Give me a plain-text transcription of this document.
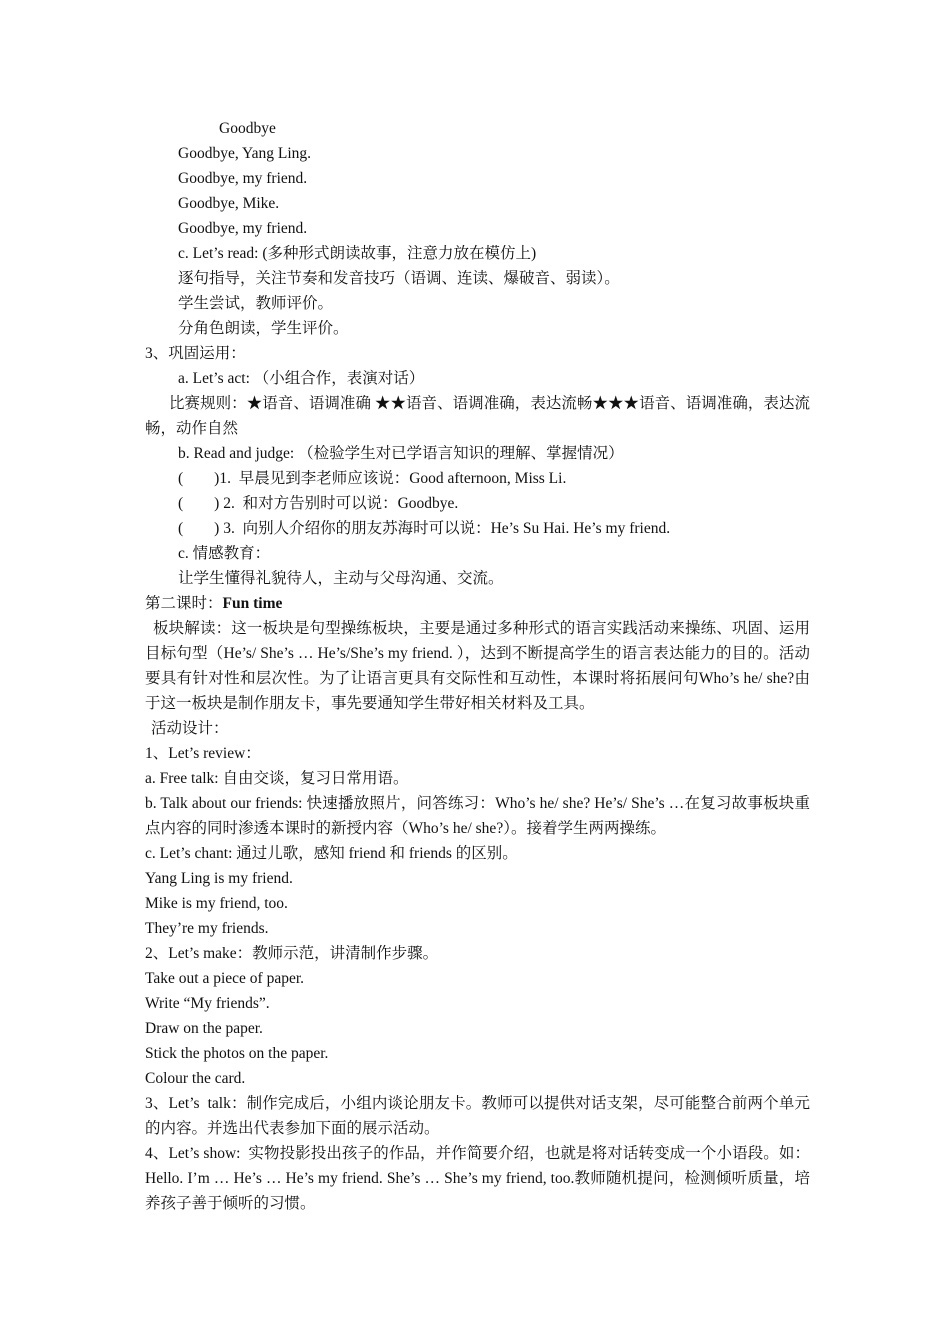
Goodbye
Goodbye, Yang Ling.
Goodbye, my friend.
Goodbye, Mike.
Goodbye, my friend.
c. Let’s read: (多种形式朗读故事，注意力放在模仿上)
逐句指导，关注节奏和发音技巧（语调、连读、爆破音、弱读）。
学生尝试，教师评价。
分角色朗读，学生评价。
3、巩固运用：
a. Let’s act: （小组合作，表演对话）
比赛规则：★语音、语调准确 ★★语音、语调准确，表达流畅★★★语音、语调准确，表达流畅，动作自然
b. Read and judge: （检验学生对已学语言知识的理解、掌握情况）
(        )1.  早晨见到李老师应该说：Good afternoon, Miss Li.
(        ) 2.  和对方告别时可以说：Goodbye.
(        ) 3.  向别人介绍你的朋友苏海时可以说：He’s Su Hai. He’s my friend.
c. 情感教育：
让学生懂得礼貌待人，主动与父母沟通、交流。
第二课时：Fun time
板块解读：这一板块是句型操练板块，主要是通过多种形式的语言实践活动来操练、巩固、运用目标句型（He’s/ She’s … He’s/She’s my friend. ），达到不断提高学生的语言表达能力的目的。活动要具有针对性和层次性。为了让语言更具有交际性和互动性，本课时将拓展问句Who’s he/ she?由于这一板块是制作朋友卡，事先要通知学生带好相关材料及工具。
活动设计：
1、Let’s review：
a. Free talk: 自由交谈，复习日常用语。
b. Talk about our friends: 快速播放照片，问答练习：Who’s he/ she? He’s/ She’s …在复习故事板块重点内容的同时渗透本课时的新授内容（Who’s he/ she?）。接着学生两两操练。
c. Let’s chant: 通过儿歌，感知 friend 和 friends 的区别。
Yang Ling is my friend.
Mike is my friend, too.
They’re my friends.
2、Let’s make：教师示范，讲清制作步骤。
Take out a piece of paper.
Write “My friends”.
Draw on the paper.
Stick the photos on the paper.
Colour the card.
3、Let’s  talk：制作完成后，小组内谈论朋友卡。教师可以提供对话支架，尽可能整合前两个单元的内容。并选出代表参加下面的展示活动。
4、Let’s show:  实物投影投出孩子的作品，并作简要介绍，也就是将对话转变成一个小语段。如：Hello. I’m … He’s … He’s my friend. She’s … She’s my friend, too.教师随机提问，检测倾听质量，培养孩子善于倾听的习惯。
